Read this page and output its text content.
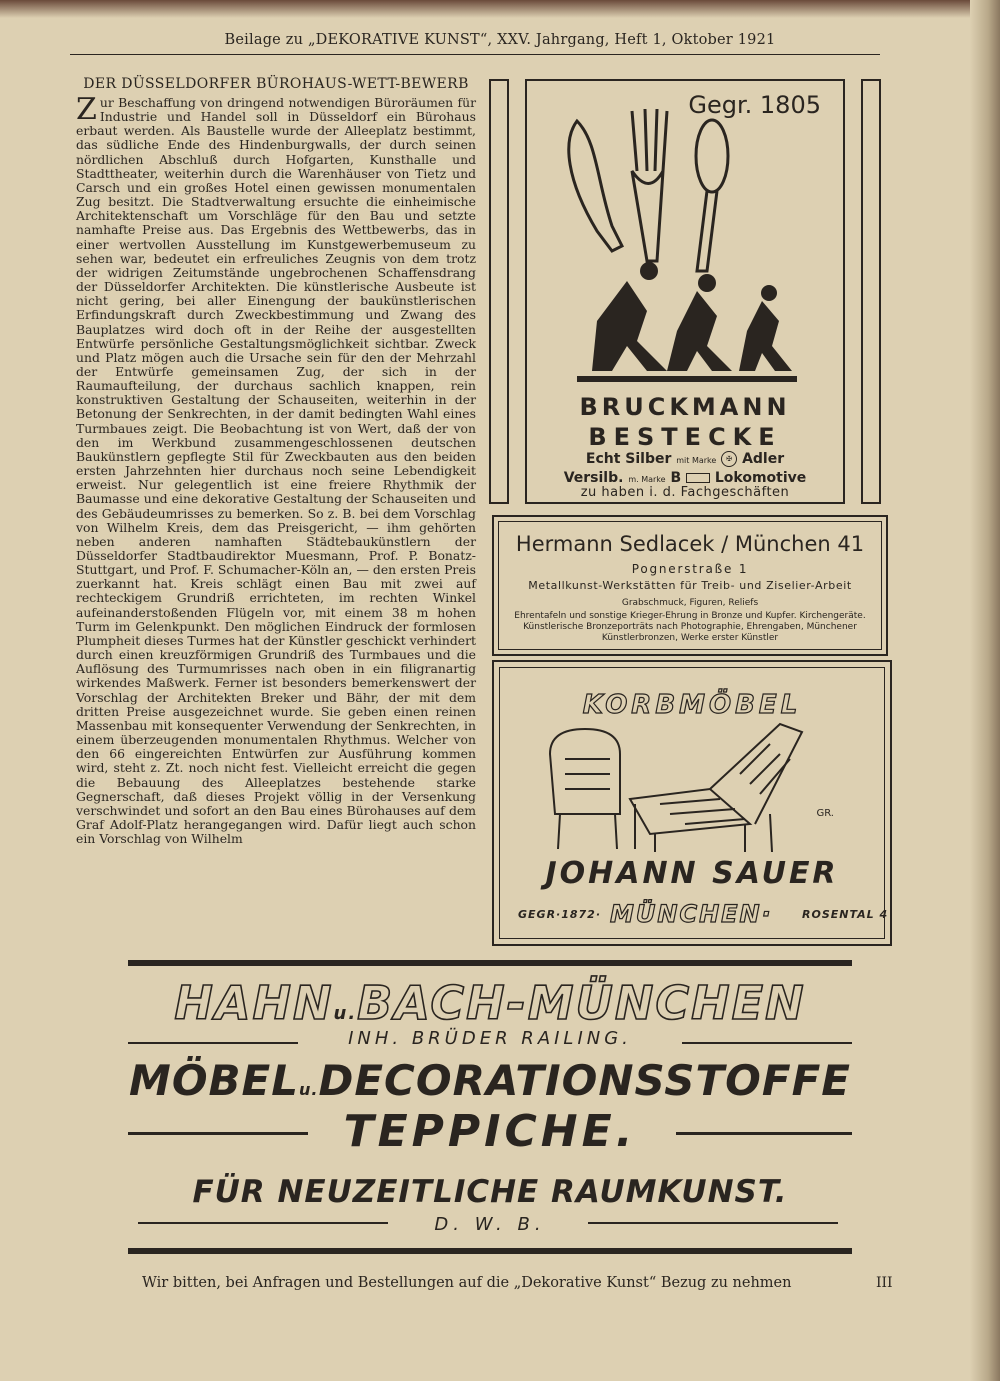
Beilage zu „DEKORATIVE KUNST“, XXV. Jahrgang, Heft 1, Oktober 1921
DER DÜSSELDORFER BÜROHAUS-WETT-BEWERB
Zur Beschaffung von dringend notwendigen Büroräumen für Industrie und Handel soll in Düsseldorf ein Bürohaus erbaut werden. Als Baustelle wurde der Alleeplatz bestimmt, das südliche Ende des Hindenburgwalls, der durch seinen nördlichen Abschluß durch Hofgarten, Kunsthalle und Stadttheater, weiterhin durch die Warenhäuser von Tietz und Carsch und ein großes Hotel einen gewissen monumentalen Zug besitzt. Die Stadtverwaltung ersuchte die einheimische Architektenschaft um Vorschläge für den Bau und setzte namhafte Preise aus. Das Ergebnis des Wettbewerbs, das in einer wertvollen Ausstellung im Kunstgewerbemuseum zu sehen war, bedeutet ein erfreuliches Zeugnis von dem trotz der widrigen Zeitumstände ungebrochenen Schaffensdrang der Düsseldorfer Architekten. Die künstlerische Ausbeute ist nicht gering, bei aller Einengung der baukünstlerischen Erfindungskraft durch Zweckbestimmung und Zwang des Bauplatzes wird doch oft in der Reihe der ausgestellten Entwürfe persönliche Gestaltungsmöglichkeit sichtbar. Zweck und Platz mögen auch die Ursache sein für den der Mehrzahl der Entwürfe gemeinsamen Zug, der sich in der Raumaufteilung, der durchaus sachlich knappen, rein konstruktiven Gestaltung der Schauseiten, weiterhin in der Betonung der Senkrechten, in der damit bedingten Wahl eines Turmbaues zeigt. Die Beobachtung ist von Wert, daß der von den im Werkbund zusammengeschlossenen deutschen Baukünstlern gepflegte Stil für Zweckbauten aus den beiden ersten Jahrzehnten hier durchaus noch seine Lebendigkeit erweist. Nur gelegentlich ist eine freiere Rhythmik der Baumasse und eine dekorative Gestaltung der Schauseiten und des Gebäudeumrisses zu bemerken. So z. B. bei dem Vorschlag von Wilhelm Kreis, dem das Preisgericht, — ihm gehörten neben anderen namhaften Städtebaukünstlern der Düsseldorfer Stadtbaudirektor Muesmann, Prof. P. Bonatz-Stuttgart, und Prof. F. Schumacher-Köln an, — den ersten Preis zuerkannt hat. Kreis schlägt einen Bau mit zwei auf rechteckigem Grundriß errichteten, im rechten Winkel aufeinanderstoßenden Flügeln vor, mit einem 38 m hohen Turm im Gelenkpunkt. Den möglichen Eindruck der formlosen Plumpheit dieses Turmes hat der Künstler geschickt verhindert durch einen kreuzförmigen Grundriß des Turmbaues und die Auflösung des Turmumrisses nach oben in ein filigranartig wirkendes Maßwerk. Ferner ist besonders bemerkenswert der Vorschlag der Architekten Breker und Bähr, der mit dem dritten Preise ausgezeichnet wurde. Sie geben einen reinen Massenbau mit konsequenter Verwendung der Senkrechten, in einem überzeugenden monumentalen Rhythmus. Welcher von den 66 eingereichten Entwürfen zur Ausführung kommen wird, steht z. Zt. noch nicht fest. Vielleicht erreicht die gegen die Bebauung des Alleeplatzes bestehende starke Gegnerschaft, daß dieses Projekt völlig in der Versenkung verschwindet und sofort an den Bau eines Bürohauses auf dem Graf Adolf-Platz herangegangen wird. Dafür liegt auch schon ein Vorschlag von Wilhelm
Gegr. 1805
BRUCKMANN
BESTECKE
Echt Silber mit Marke ✠ Adler
Versilb. m. Marke B Lokomotive
zu haben i. d. Fachgeschäften
Hermann Sedlacek / München 41
Pognerstraße 1
Metallkunst-Werkstätten für Treib- und Ziselier-Arbeit
Grabschmuck, Figuren, Reliefs
Ehrentafeln und sonstige Krieger-Ehrung in Bronze und Kupfer. Kirchengeräte. Künstlerische Bronzeporträts nach Photographie, Ehrengaben, Münchener Künstlerbronzen, Werke erster Künstler
KORBMÖBEL
GR.
JOHANN SAUER
GEGR·1872· MÜNCHEN·	ROSENTAL 4
HAHNu.BACH-MÜNCHEN
INH. BRÜDER RAILING.
MÖBELu.DECORATIONSSTOFFE
TEPPICHE.
FÜR NEUZEITLICHE RAUMKUNST.
D. W. B.
Wir bitten, bei Anfragen und Bestellungen auf die „Dekorative Kunst“ Bezug zu nehmen	III
